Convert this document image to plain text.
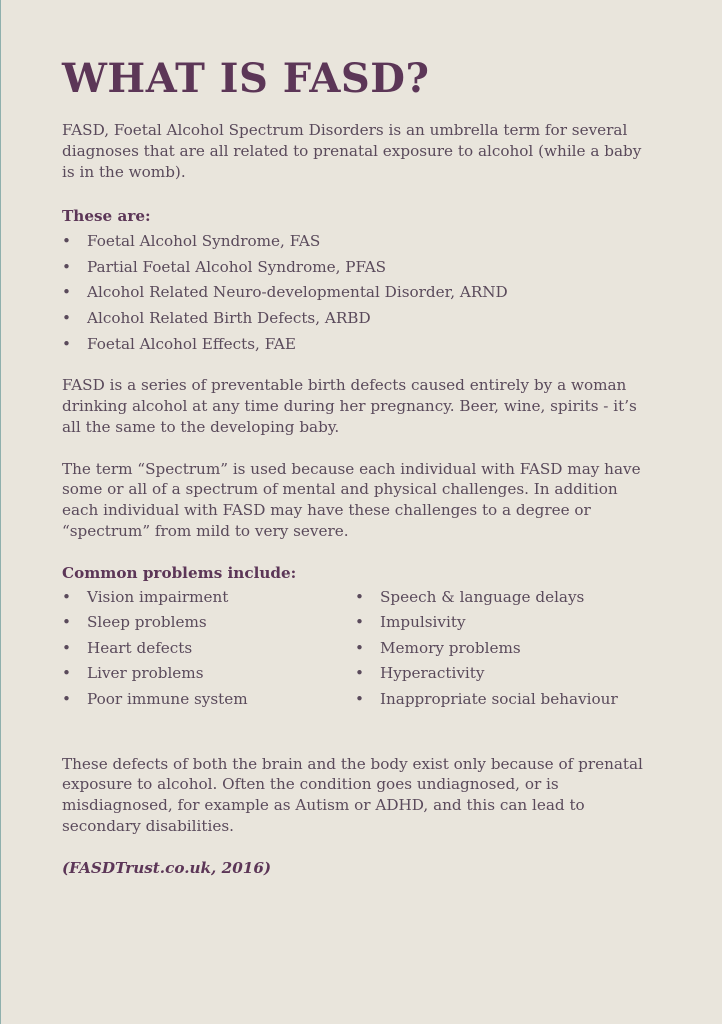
WHAT IS FASD?

FASD, Foetal Alcohol Spectrum Disorders is an umbrella term for several diagnoses that are all related to prenatal exposure to alcohol (while a baby is in the womb).

These are:
• Foetal Alcohol Syndrome, FAS
• Partial Foetal Alcohol Syndrome, PFAS
• Alcohol Related Neuro-developmental Disorder, ARND
• Alcohol Related Birth Defects, ARBD
• Foetal Alcohol Effects, FAE

FASD is a series of preventable birth defects caused entirely by a woman drinking alcohol at any time during her pregnancy. Beer, wine, spirits - it’s all the same to the developing baby.

The term “Spectrum” is used because each individual with FASD may have some or all of a spectrum of mental and physical challenges. In addition each individual with FASD may have these challenges to a degree or “spectrum” from mild to very severe.

Common problems include:
• Vision impairment
• Sleep problems
• Heart defects
• Liver problems
• Poor immune system
• Speech & language delays
• Impulsivity
• Memory problems
• Hyperactivity
• Inappropriate social behaviour

These defects of both the brain and the body exist only because of prenatal exposure to alcohol. Often the condition goes undiagnosed, or is misdiagnosed, for example as Autism or ADHD, and this can lead to secondary disabilities.

(FASDTrust.co.uk, 2016)
